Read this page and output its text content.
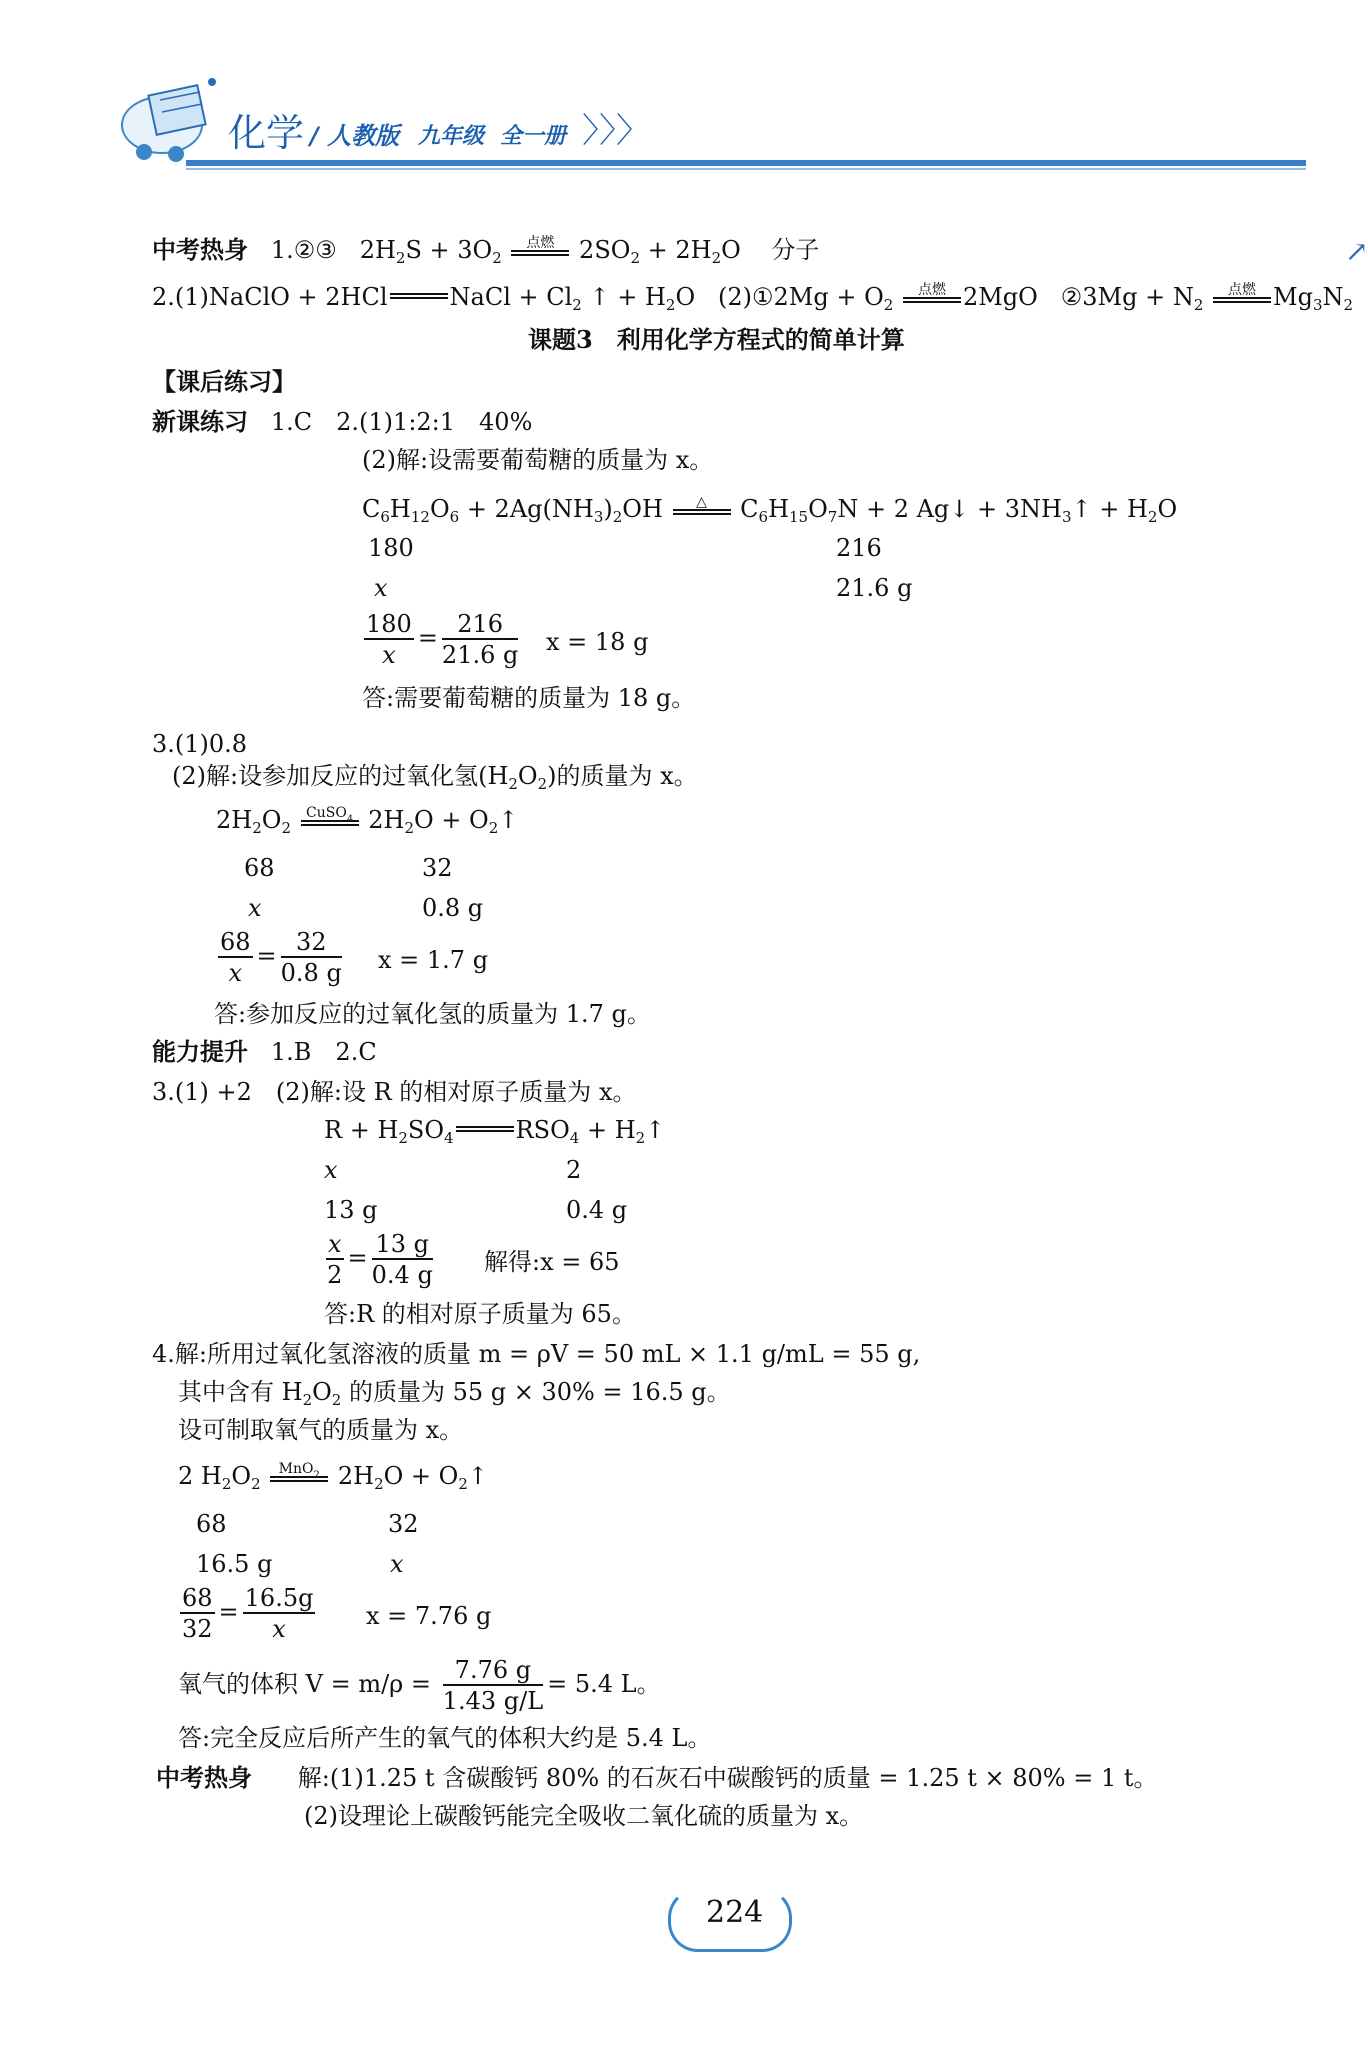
化学 / 人教版 九年级 全一册 〉〉〉
↗
中考热身 1.②③   $2H_2S + 3O_2$
点燃 $2SO_2 + 2H_2O$    分子
2.(1)NaClO + 2HCl	NaCl + $Cl_2$ ↑ + $H_2O$   (2)①2Mg + $O_2$
点燃 2MgO ②3Mg + $N_2$
点燃 $Mg_3N_2$
课题3　利用化学方程式的简单计算
【课后练习】
新课练习 1.C　2.(1)1:2:1　40%
(2)解:设需要葡萄糖的质量为 x。
$C_6H_{12}O_6 + 2Ag(NH_3)_2OH$	△	$C_6H_{15}O_7N + 2$ Ag↓ + $3NH_3↑ + H_2O$
180	216
x	21.6 g
$\frac{180}{x} = \frac{216}{21.6 g}$ x = 18 g
答:需要葡萄糖的质量为 18 g。
3.(1)0.8
(2)解:设参加反应的过氧化氢$(H_2O_2)$的质量为 x。
$2H_2O_2$
CuSO$_4$ $2H_2O$ + $O_2↑$
68	32
x	0.8 g
$\frac{68}{x} = \frac{32}{0.8 g}$ x = 1.7 g
答:参加反应的过氧化氢的质量为 1.7 g。
能力提升 1.B　2.C
3.(1) +2　(2)解:设 R 的相对原子质量为 x。
$R + H_2SO_4$	$RSO_4$ + $H_2↑$
x	2
13 g	0.4 g
$\frac{x}{2} = \frac{13 g}{0.4 g}$ 解得:x = 65
答:R 的相对原子质量为 65。
4.解:所用过氧化氢溶液的质量 m = ρV = 50 mL × 1.1 g/mL = 55 g,
其中含有 $H_2O_2$ 的质量为 55 g × 30% = 16.5 g。
设可制取氧气的质量为 x。
2 $H_2O_2$
MnO$_2$ $2H_2O$ + $O_2↑$
68	32
16.5 g	x
$\frac{68}{32} = \frac{16.5g}{x}$ x = 7.76 g
氧气的体积 $V = m/\rho = \frac{7.76 g}{1.43 g/L} = 5.4$ L。
答:完全反应后所产生的氧气的体积大约是 5.4 L。
中考热身 解:(1)1.25 t 含碳酸钙 80% 的石灰石中碳酸钙的质量 = 1.25 t × 80% = 1 t。
(2)设理论上碳酸钙能完全吸收二氧化硫的质量为 x。
224
